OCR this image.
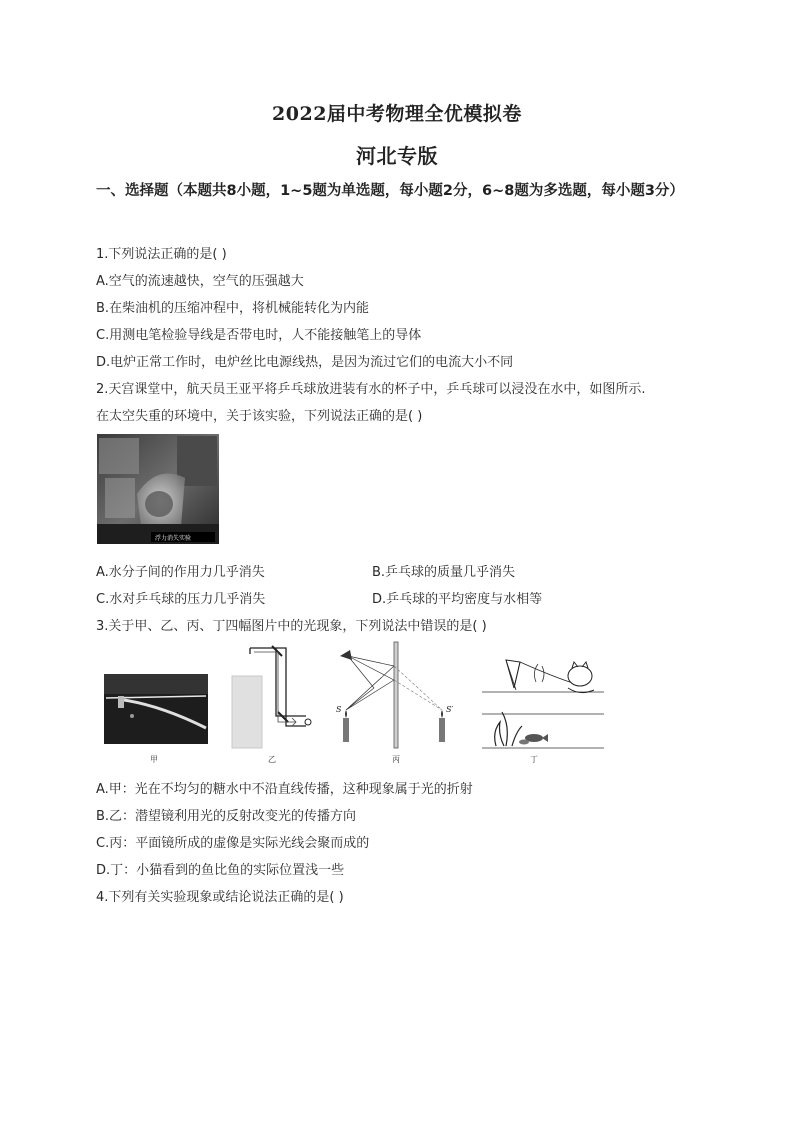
2022届中考物理全优模拟卷
河北专版
一、选择题（本题共8小题，1~5题为单选题，每小题2分，6~8题为多选题，每小题3分）
1.下列说法正确的是( )
A.空气的流速越快，空气的压强越大
B.在柴油机的压缩冲程中，将机械能转化为内能
C.用测电笔检验导线是否带电时，人不能接触笔上的导体
D.电炉正常工作时，电炉丝比电源线热，是因为流过它们的电流大小不同
2.天宫课堂中，航天员王亚平将乒乓球放进装有水的杯子中，乒乓球可以浸没在水中，如图所示.
在太空失重的环境中，关于该实验，下列说法正确的是( )
浮力消失实验
A.水分子间的作用力几乎消失	B.乒乓球的质量几乎消失
C.水对乒乓球的压力几乎消失	D.乒乓球的平均密度与水相等
3.关于甲、乙、丙、丁四幅图片中的光现象，下列说法中错误的是( )
甲	乙
S	S′
丙	丁
A.甲：光在不均匀的糖水中不沿直线传播，这种现象属于光的折射
B.乙：潜望镜利用光的反射改变光的传播方向
C.丙：平面镜所成的虚像是实际光线会聚而成的
D.丁：小猫看到的鱼比鱼的实际位置浅一些
4.下列有关实验现象或结论说法正确的是( )
